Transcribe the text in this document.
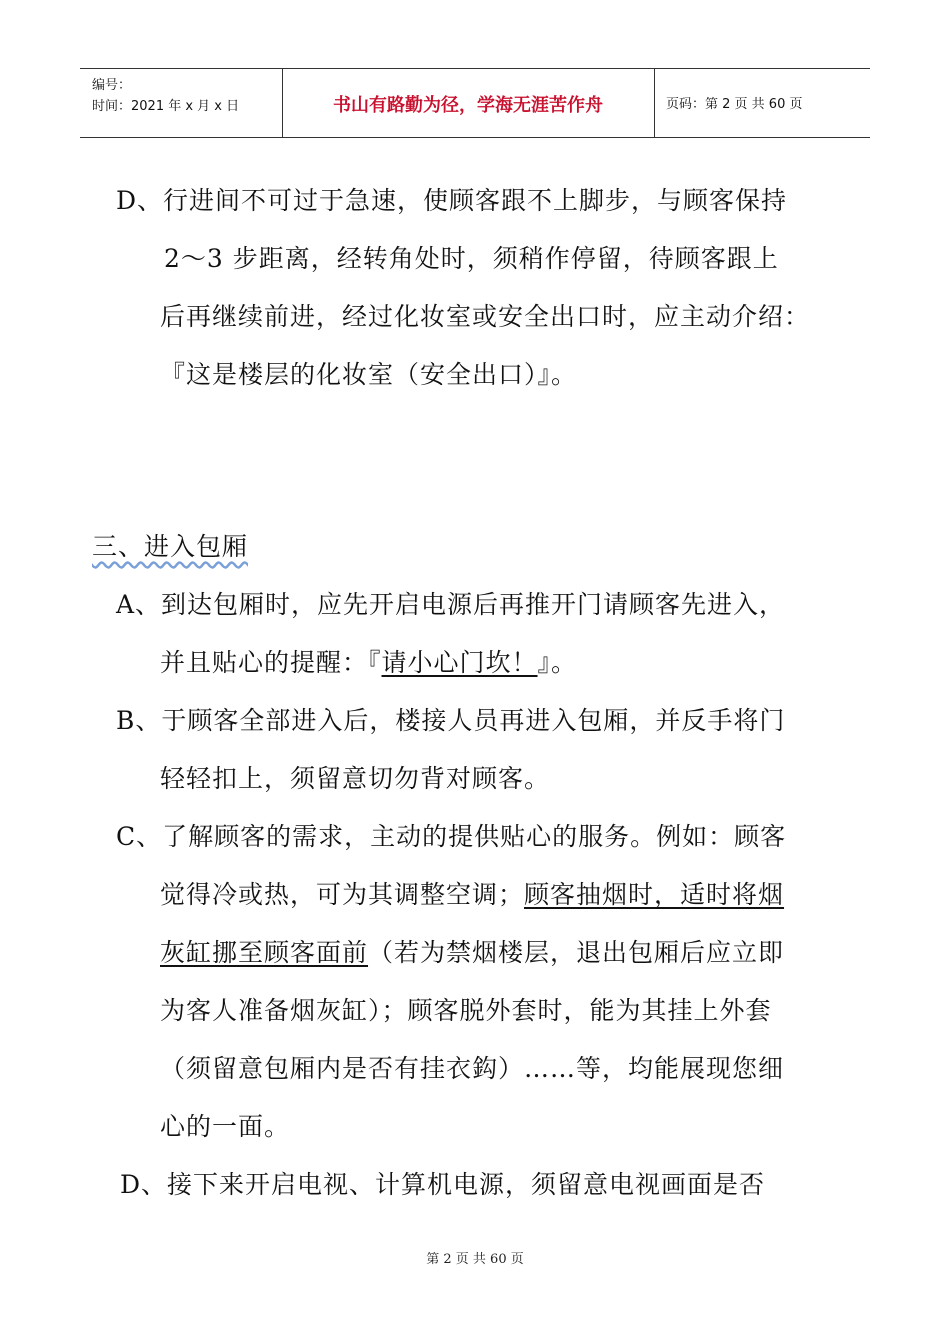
编号：
时间：2021 年 x 月 x 日	书山有路勤为径，学海无涯苦作舟	页码：第 2 页 共 60 页
D、行进间不可过于急速，使顾客跟不上脚步，与顾客保持
2～3 步距离，经转角处时，须稍作停留，待顾客跟上
后再继续前进，经过化妆室或安全出口时，应主动介绍：
『这是楼层的化妆室（安全出口）』。
三、进入包厢
A、到达包厢时，应先开启电源后再推开门请顾客先进入，
并且贴心的提醒：『请小心门坎！』。
B、于顾客全部进入后，楼接人员再进入包厢，并反手将门
轻轻扣上，须留意切勿背对顾客。
C、了解顾客的需求，主动的提供贴心的服务。例如：顾客
觉得冷或热，可为其调整空调；顾客抽烟时，适时将烟
灰缸挪至顾客面前（若为禁烟楼层，退出包厢后应立即
为客人准备烟灰缸）；顾客脱外套时，能为其挂上外套
（须留意包厢内是否有挂衣鈎）……等，均能展现您细
心的一面。
D、接下来开启电视、计算机电源，须留意电视画面是否
第 2 页 共 60 页
